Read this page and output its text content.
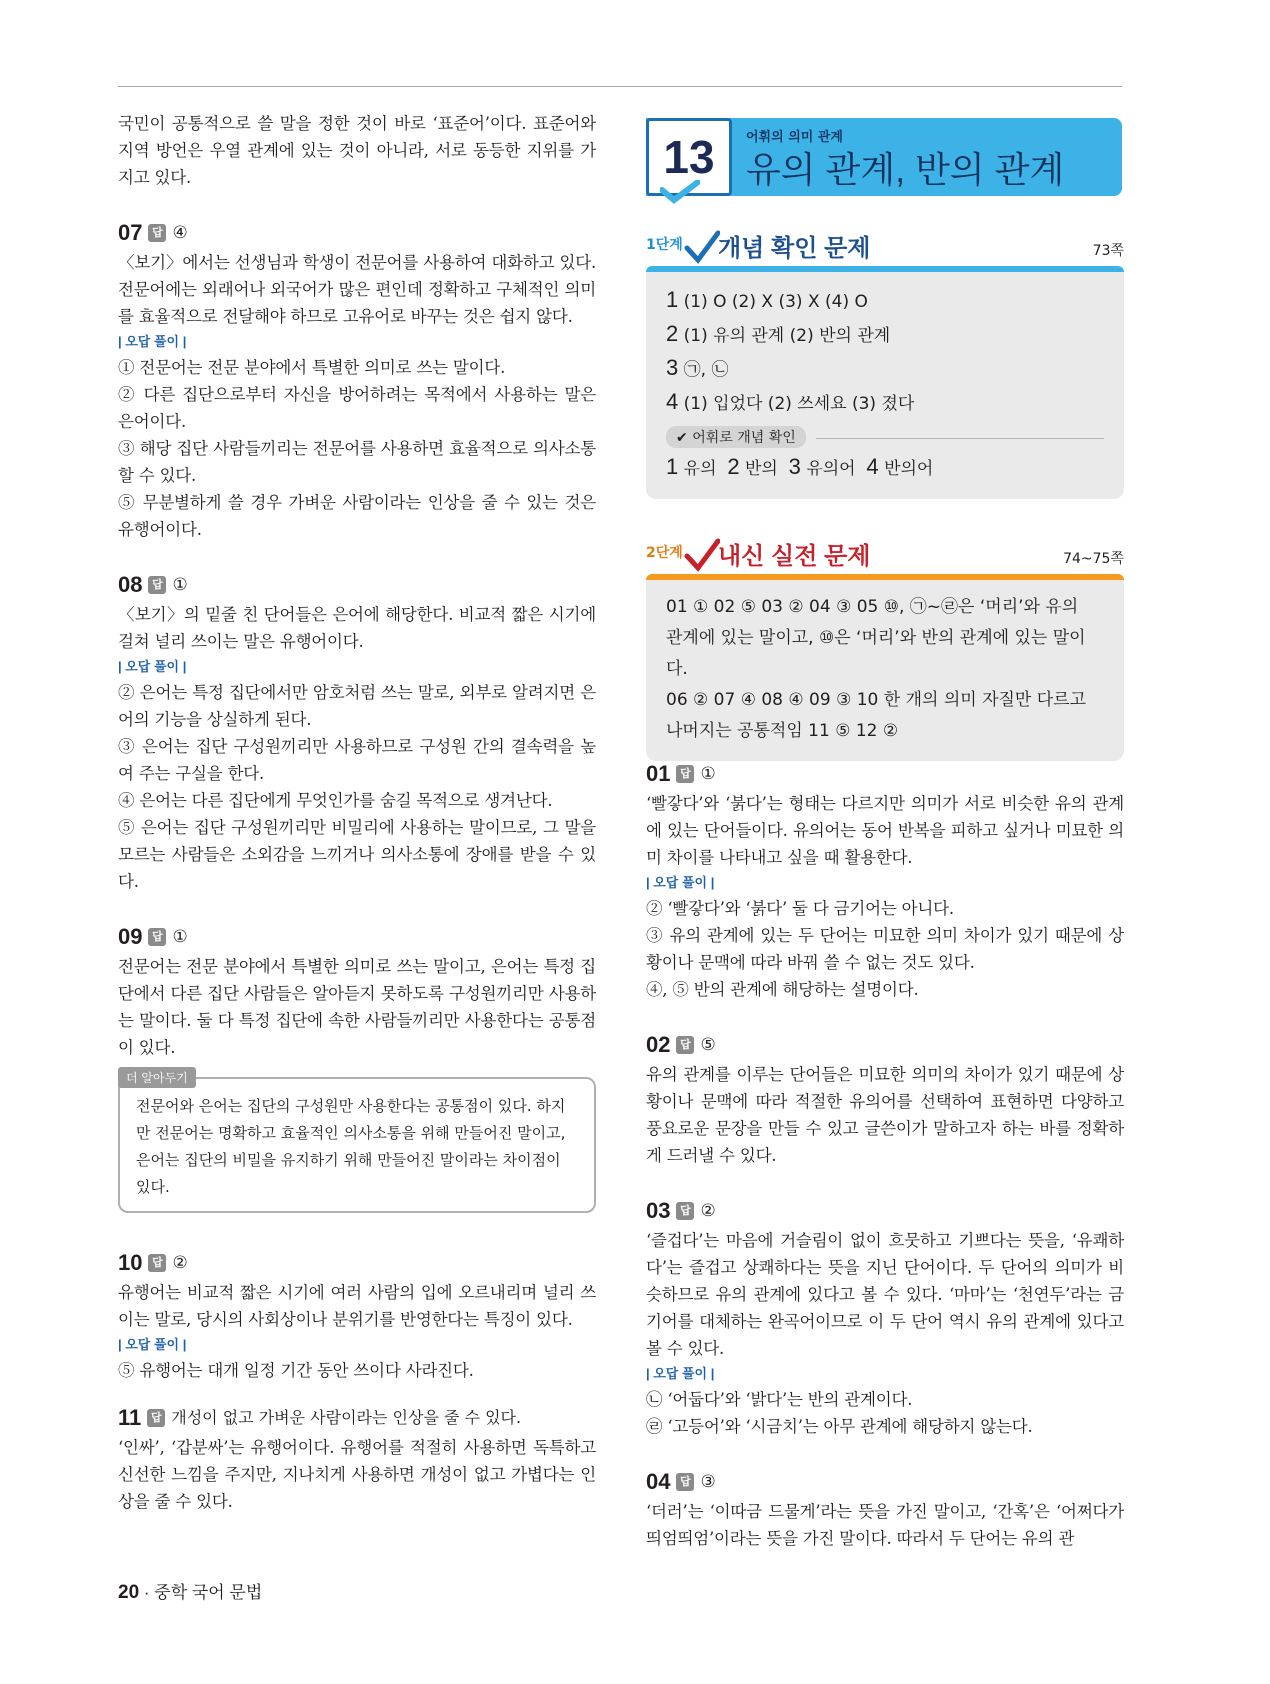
국민이 공통적으로 쓸 말을 정한 것이 바로 ‘표준어’이다. 표준어와 지역 방언은 우열 관계에 있는 것이 아니라, 서로 동등한 지위를 가지고 있다.

07 답 ④

〈보기〉에서는 선생님과 학생이 전문어를 사용하여 대화하고 있다. 전문어에는 외래어나 외국어가 많은 편인데 정확하고 구체적인 의미를 효율적으로 전달해야 하므로 고유어로 바꾸는 것은 쉽지 않다.

| 오답 풀이 |

① 전문어는 전문 분야에서 특별한 의미로 쓰는 말이다.

② 다른 집단으로부터 자신을 방어하려는 목적에서 사용하는 말은 은어이다.

③ 해당 집단 사람들끼리는 전문어를 사용하면 효율적으로 의사소통할 수 있다.

⑤ 무분별하게 쓸 경우 가벼운 사람이라는 인상을 줄 수 있는 것은 유행어이다.

08 답 ①

〈보기〉의 밑줄 친 단어들은 은어에 해당한다. 비교적 짧은 시기에 걸쳐 널리 쓰이는 말은 유행어이다.

| 오답 풀이 |

② 은어는 특정 집단에서만 암호처럼 쓰는 말로, 외부로 알려지면 은어의 기능을 상실하게 된다.

③ 은어는 집단 구성원끼리만 사용하므로 구성원 간의 결속력을 높여 주는 구실을 한다.

④ 은어는 다른 집단에게 무엇인가를 숨길 목적으로 생겨난다.

⑤ 은어는 집단 구성원끼리만 비밀리에 사용하는 말이므로, 그 말을 모르는 사람들은 소외감을 느끼거나 의사소통에 장애를 받을 수 있다.

09 답 ①

전문어는 전문 분야에서 특별한 의미로 쓰는 말이고, 은어는 특정 집단에서 다른 집단 사람들은 알아듣지 못하도록 구성원끼리만 사용하는 말이다. 둘 다 특정 집단에 속한 사람들끼리만 사용한다는 공통점이 있다.

더 알아두기

전문어와 은어는 집단의 구성원만 사용한다는 공통점이 있다. 하지만 전문어는 명확하고 효율적인 의사소통을 위해 만들어진 말이고, 은어는 집단의 비밀을 유지하기 위해 만들어진 말이라는 차이점이 있다.

10 답 ②

유행어는 비교적 짧은 시기에 여러 사람의 입에 오르내리며 널리 쓰이는 말로, 당시의 사회상이나 분위기를 반영한다는 특징이 있다.

| 오답 풀이 |

⑤ 유행어는 대개 일정 기간 동안 쓰이다 사라진다.

11 답 개성이 없고 가벼운 사람이라는 인상을 줄 수 있다.

‘인싸’, ‘갑분싸’는 유행어이다. 유행어를 적절히 사용하면 독특하고 신선한 느낌을 주지만, 지나치게 사용하면 개성이 없고 가볍다는 인상을 줄 수 있다.

13	어휘의 의미 관계
유의 관계, 반의 관계
1단계 개념 확인 문제	73쪽

1 (1) O (2) X (3) X (4) O

2 (1) 유의 관계 (2) 반의 관계

3 ㉠, ㉡

4 (1) 입었다 (2) 쓰세요 (3) 졌다

✔ 어휘로 개념 확인

1 유의 2 반의 3 유의어 4 반의어

2단계 내신 실전 문제	74~75쪽

01 ① 02 ⑤ 03 ② 04 ③ 05 ⑩, ㉠~㉣은 ‘머리’와 유의

관계에 있는 말이고, ⑩은 ‘머리’와 반의 관계에 있는 말이다.

06 ② 07 ④ 08 ④ 09 ③ 10 한 개의 의미 자질만 다르고

나머지는 공통적임 11 ⑤ 12 ②

01 답 ①

‘빨갛다’와 ‘붉다’는 형태는 다르지만 의미가 서로 비슷한 유의 관계에 있는 단어들이다. 유의어는 동어 반복을 피하고 싶거나 미묘한 의미 차이를 나타내고 싶을 때 활용한다.

| 오답 풀이 |

② ‘빨갛다’와 ‘붉다’ 둘 다 금기어는 아니다.

③ 유의 관계에 있는 두 단어는 미묘한 의미 차이가 있기 때문에 상황이나 문맥에 따라 바꿔 쓸 수 없는 것도 있다.

④, ⑤ 반의 관계에 해당하는 설명이다.

02 답 ⑤

유의 관계를 이루는 단어들은 미묘한 의미의 차이가 있기 때문에 상황이나 문맥에 따라 적절한 유의어를 선택하여 표현하면 다양하고 풍요로운 문장을 만들 수 있고 글쓴이가 말하고자 하는 바를 정확하게 드러낼 수 있다.

03 답 ②

‘즐겁다’는 마음에 거슬림이 없이 흐뭇하고 기쁘다는 뜻을, ‘유쾌하다’는 즐겁고 상쾌하다는 뜻을 지닌 단어이다. 두 단어의 의미가 비슷하므로 유의 관계에 있다고 볼 수 있다. ‘마마’는 ‘천연두’라는 금기어를 대체하는 완곡어이므로 이 두 단어 역시 유의 관계에 있다고 볼 수 있다.

| 오답 풀이 |

㉡ ‘어둡다’와 ‘밝다’는 반의 관계이다.

㉣ ‘고등어’와 ‘시금치’는 아무 관계에 해당하지 않는다.

04 답 ③

‘더러’는 ‘이따금 드물게’라는 뜻을 가진 말이고, ‘간혹’은 ‘어쩌다가 띄엄띄엄’이라는 뜻을 가진 말이다. 따라서 두 단어는 유의 관

20 · 중학 국어 문법
